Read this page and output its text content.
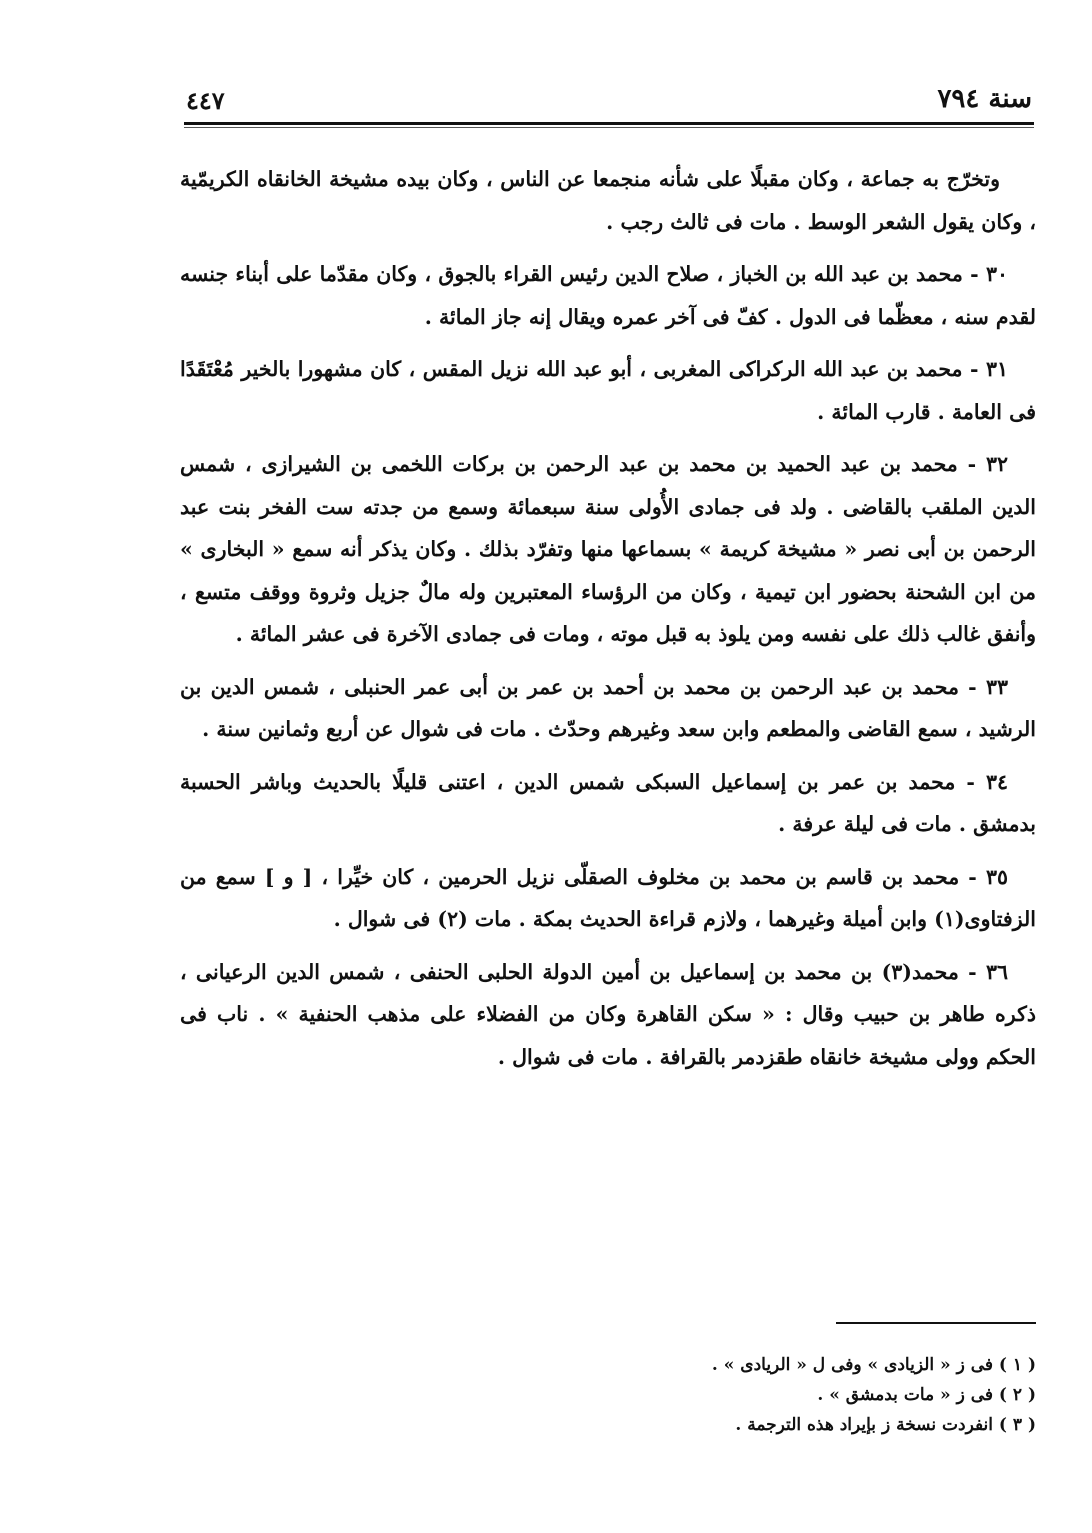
سنة ٧٩٤
٤٤٧

وتخرّج به جماعة ، وكان مقبلًا على شأنه منجمعا عن الناس ، وكان بيده مشيخة الخانقاه الكريمّية ، وكان يقول الشعر الوسط . مات فى ثالث رجب .

٣٠ - محمد بن عبد الله بن الخباز ، صلاح الدين رئيس القراء بالجوق ، وكان مقدّما على أبناء جنسه لقدم سنه ، معظّما فى الدول . كفّ فى آخر عمره ويقال إنه جاز المائة .

٣١ - محمد بن عبد الله الركراكى المغربى ، أبو عبد الله نزيل المقس ، كان مشهورا بالخير مُعْتَقَدًا فى العامة . قارب المائة .

٣٢ - محمد بن عبد الحميد بن محمد بن عبد الرحمن بن بركات اللخمى بن الشيرازى ، شمس الدين الملقب بالقاضى . ولد فى جمادى الأُولى سنة سبعمائة وسمع من جدته ست الفخر بنت عبد الرحمن بن أبى نصر « مشيخة كريمة » بسماعها منها وتفرّد بذلك . وكان يذكر أنه سمع « البخارى » من ابن الشحنة بحضور ابن تيمية ، وكان من الرؤساء المعتبرين وله مالٌ جزيل وثروة ووقف متسع ، وأنفق غالب ذلك على نفسه ومن يلوذ به قبل موته ، ومات فى جمادى الآخرة فى عشر المائة .

٣٣ - محمد بن عبد الرحمن بن محمد بن أحمد بن عمر بن أبى عمر الحنبلى ، شمس الدين بن الرشيد ، سمع القاضى والمطعم وابن سعد وغيرهم وحدّث . مات فى شوال عن أربع وثمانين سنة .

٣٤ - محمد بن عمر بن إسماعيل السبكى شمس الدين ، اعتنى قليلًا بالحديث وباشر الحسبة بدمشق . مات فى ليلة عرفة .

٣٥ - محمد بن قاسم بن محمد بن مخلوف الصقلّى نزيل الحرمين ، كان خيِّرا ، [ و ] سمع من الزفتاوى(١) وابن أميلة وغيرهما ، ولازم قراءة الحديث بمكة . مات (٢) فى شوال .

٣٦ - محمد(٣) بن محمد بن إسماعيل بن أمين الدولة الحلبى الحنفى ، شمس الدين الرعيانى ، ذكره طاهر بن حبيب وقال : « سكن القاهرة وكان من الفضلاء على مذهب الحنفية » . ناب فى الحكم وولى مشيخة خانقاه طقزدمر بالقرافة . مات فى شوال .

( ١ ) فى ز « الزيادى » وفى ل « الريادى » .
( ٢ ) فى ز « مات بدمشق » .
( ٣ ) انفردت نسخة ز بإيراد هذه الترجمة .
